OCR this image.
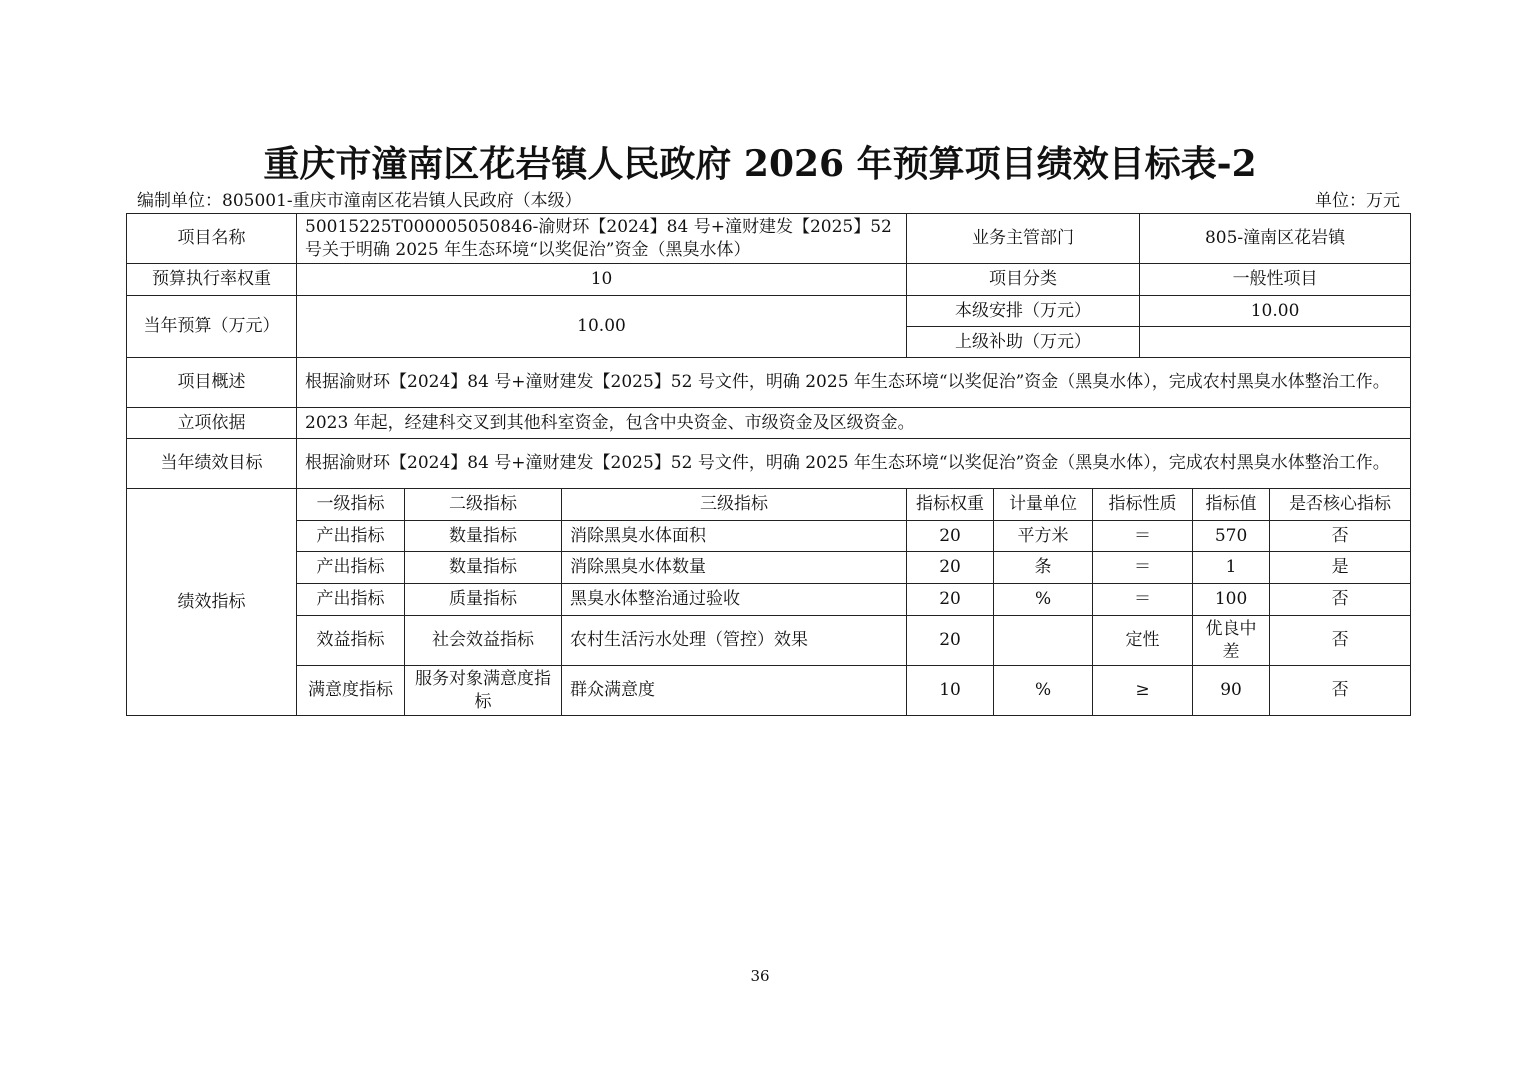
重庆市潼南区花岩镇人民政府 2026 年预算项目绩效目标表-2
编制单位：805001-重庆市潼南区花岩镇人民政府（本级）	单位：万元
项目名称	50015225T000005050846-渝财环【2024】84 号+潼财建发【2025】52 号关于明确 2025 年生态环境“以奖促治”资金（黑臭水体）			业务主管部门			805-潼南区花岩镇		
预算执行率权重	10			项目分类			一般性项目		
当年预算（万元）	10.00			本级安排（万元）			10.00		
				上级补助（万元）					
项目概述	根据渝财环【2024】84 号+潼财建发【2025】52 号文件，明确 2025 年生态环境“以奖促治”资金（黑臭水体），完成农村黑臭水体整治工作。								
立项依据	2023 年起，经建科交叉到其他科室资金，包含中央资金、市级资金及区级资金。								
当年绩效目标	根据渝财环【2024】84 号+潼财建发【2025】52 号文件，明确 2025 年生态环境“以奖促治”资金（黑臭水体），完成农村黑臭水体整治工作。								
绩效指标	一级指标	二级指标	三级指标	指标权重	计量单位	指标性质		指标值	是否核心指标
	产出指标	数量指标	消除黑臭水体面积	20	平方米	＝		570	否
	产出指标	数量指标	消除黑臭水体数量	20	条	＝		1	是
	产出指标	质量指标	黑臭水体整治通过验收	20	%	＝		100	否
	效益指标	社会效益指标	农村生活污水处理（管控）效果	20		定性		优良中差	否
	满意度指标	服务对象满意度指标	群众满意度	10	%	≥		90	否
36
